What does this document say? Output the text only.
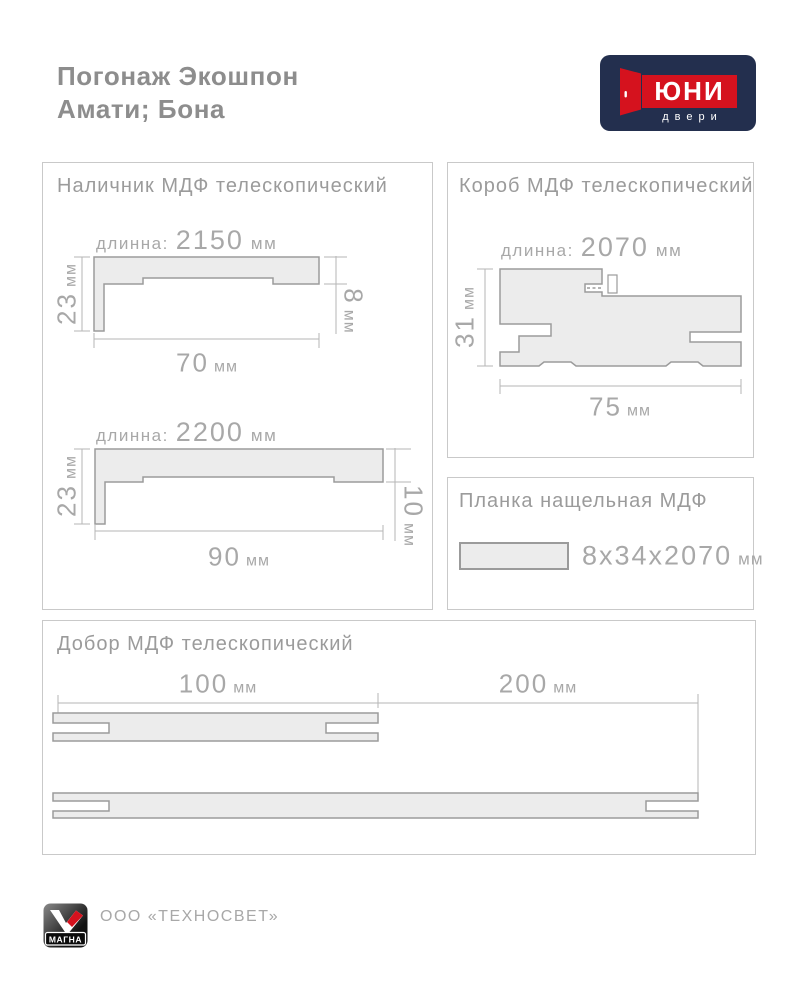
Погонаж Экошпон
Амати; Бона
ЮНИ
двери
Наличник МДФ телескопический
длинна: 2150 мм
23
мм
70 мм
8
мм
длинна: 2200 мм
23
мм
90 мм
10
мм
Короб МДФ телескопический
длинна: 2070 мм
31
мм
75 мм
Планка нащельная МДФ
8х34х2070 мм
Добор МДФ телескопический
100 мм	200 мм
МАГНА
ООО «ТЕХНОСВЕТ»
